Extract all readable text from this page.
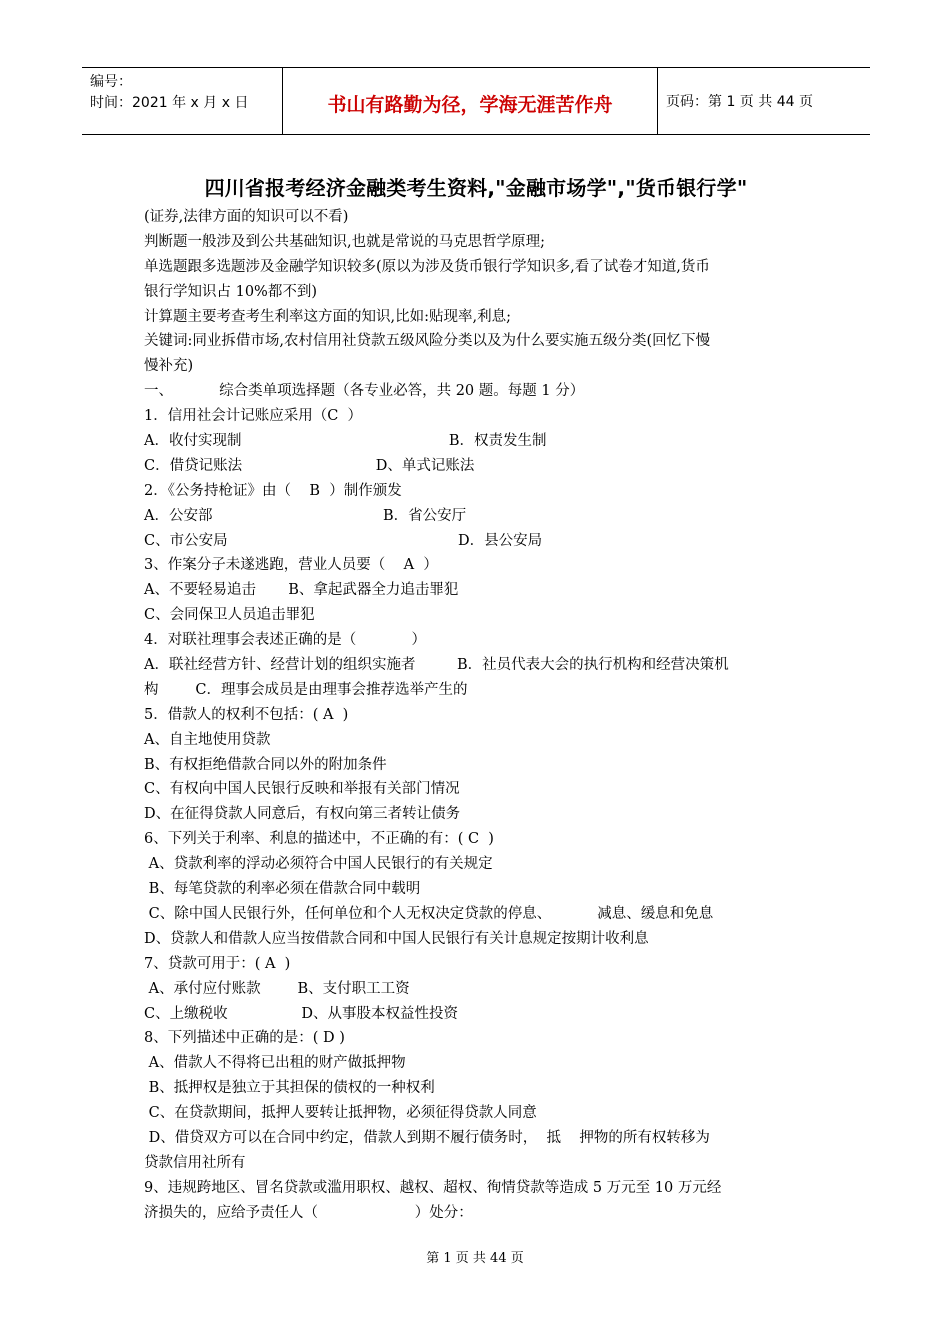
编号：
时间：2021 年 x 月 x 日	书山有路勤为径，学海无涯苦作舟	页码：第 1 页 共 44 页
四川省报考经济金融类考生资料,"金融市场学","货币银行学"
(证券,法律方面的知识可以不看)
判断题一般涉及到公共基础知识,也就是常说的马克思哲学原理;
单选题跟多选题涉及金融学知识较多(原以为涉及货币银行学知识多,看了试卷才知道,货币
银行学知识占 10%都不到)
计算题主要考查考生利率这方面的知识,比如:贴现率,利息;
关键词:同业拆借市场,农村信用社贷款五级风险分类以及为什么要实施五级分类(回忆下慢
慢补充)
一、          综合类单项选择题（各专业必答，共 20 题。每题 1 分）
1．信用社会计记账应采用（C  ）
A．收付实现制                                             B．权责发生制
C．借贷记账法                             D、单式记账法
2．《公务持枪证》由（    B  ）制作颁发
A．公安部                                     B．省公安厅
C、市公安局                                                  D．县公安局
3、作案分子未遂逃跑，营业人员要（    A  ）
A、不要轻易追击       B、拿起武器全力追击罪犯
C、会同保卫人员追击罪犯
4．对联社理事会表述正确的是（            ）
A．联社经营方针、经营计划的组织实施者         B．社员代表大会的执行机构和经营决策机
构        C．理事会成员是由理事会推荐选举产生的
5．借款人的权利不包括：( A  )
A、自主地使用贷款
B、有权拒绝借款合同以外的附加条件
C、有权向中国人民银行反映和举报有关部门情况
D、在征得贷款人同意后，有权向第三者转让债务
6、下列关于利率、利息的描述中，不正确的有：( C  )
A、贷款利率的浮动必须符合中国人民银行的有关规定
B、每笔贷款的利率必须在借款合同中载明
C、除中国人民银行外，任何单位和个人无权决定贷款的停息、          减息、缓息和免息
D、贷款人和借款人应当按借款合同和中国人民银行有关计息规定按期计收利息
7、贷款可用于：( A  )
A、承付应付账款        B、支付职工工资
C、上缴税收                D、从事股本权益性投资
8、下列描述中正确的是：( D )
A、借款人不得将已出租的财产做抵押物
B、抵押权是独立于其担保的债权的一种权利
C、在贷款期间，抵押人要转让抵押物，必须征得贷款人同意
D、借贷双方可以在合同中约定，借款人到期不履行债务时，  抵    押物的所有权转移为
贷款信用社所有
9、违规跨地区、冒名贷款或滥用职权、越权、超权、徇情贷款等造成 5 万元至 10 万元经
济损失的，应给予责任人（                     ）处分：
第 1 页 共 44 页
